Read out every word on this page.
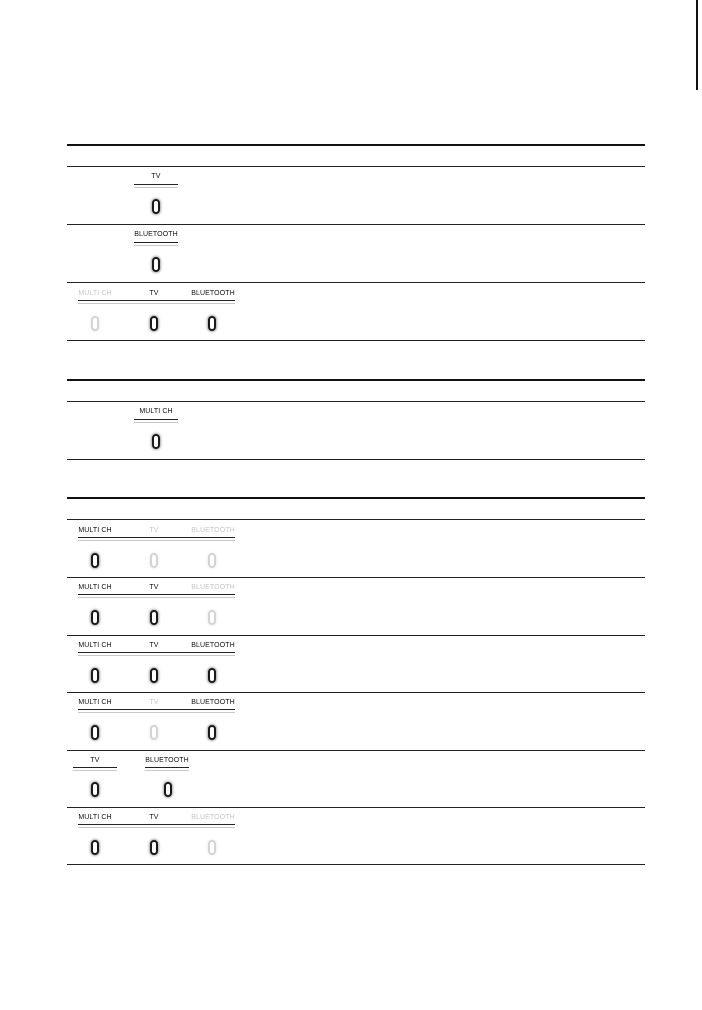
TV
BLUETOOTH
MULTI CH	TV	BLUETOOTH
MULTI CH
MULTI CH	TV	BLUETOOTH
MULTI CH	TV	BLUETOOTH
MULTI CH	TV	BLUETOOTH
MULTI CH	TV	BLUETOOTH
TV	BLUETOOTH
MULTI CH	TV	BLUETOOTH
